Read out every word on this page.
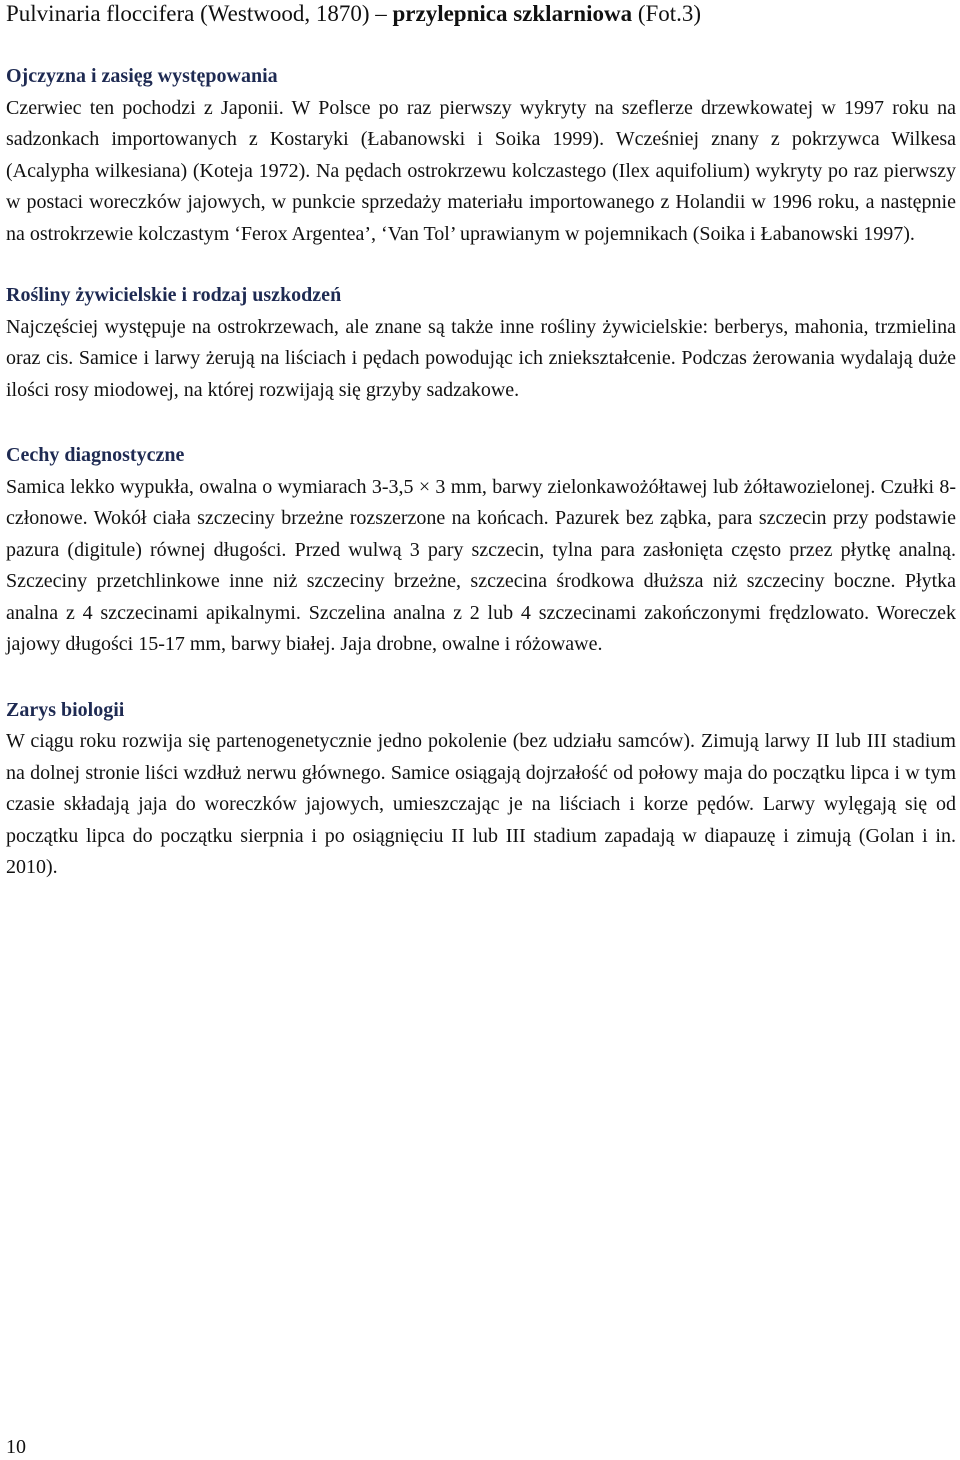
Pulvinaria floccifera (Westwood, 1870) – przylepnica szklarniowa (Fot.3)
Ojczyzna i zasięg występowania

Czerwiec ten pochodzi z Japonii. W Polsce po raz pierwszy wykryty na szeflerze drzewkowatej w 1997 roku na sadzonkach importowanych z Kostaryki (Łabanowski i Soika 1999). Wcześniej znany z pokrzywca Wilkesa (Acalypha wilkesiana) (Koteja 1972). Na pędach ostrokrzewu kolczastego (Ilex aquifolium) wykryty po raz pierwszy w postaci woreczków jajowych, w punkcie sprzedaży materiału importowanego z Holandii w 1996 roku, a następnie na ostrokrzewie kolczastym ‘Ferox Argentea’, ‘Van Tol’ uprawianym w pojemnikach (Soika i Łabanowski 1997).

Rośliny żywicielskie i rodzaj uszkodzeń

Najczęściej występuje na ostrokrzewach, ale znane są także inne rośliny żywicielskie: berberys, mahonia, trzmielina oraz cis. Samice i larwy żerują na liściach i pędach powodując ich zniekształcenie. Podczas żerowania wydalają duże ilości rosy miodowej, na której rozwijają się grzyby sadzakowe.

Cechy diagnostyczne

Samica lekko wypukła, owalna o wymiarach 3-3,5 × 3 mm, barwy zielonkawożółtawej lub żółtawozielonej. Czułki 8-członowe. Wokół ciała szczeciny brzeżne rozszerzone na końcach. Pazurek bez ząbka, para szczecin przy podstawie pazura (digitule) równej długości. Przed wulwą 3 pary szczecin, tylna para zasłonięta często przez płytkę analną. Szczeciny przetchlinkowe inne niż szczeciny brzeżne, szczecina środkowa dłuższa niż szczeciny boczne. Płytka analna z 4 szczecinami apikalnymi. Szczelina analna z 2 lub 4 szczecinami zakończonymi frędzlowato. Woreczek jajowy długości 15-17 mm, barwy białej. Jaja drobne, owalne i różowawe.

Zarys biologii

W ciągu roku rozwija się partenogenetycznie jedno pokolenie (bez udziału samców). Zimują larwy II lub III stadium na dolnej stronie liści wzdłuż nerwu głównego. Samice osiągają dojrzałość od połowy maja do początku lipca i w tym czasie składają jaja do woreczków jajowych, umieszczając je na liściach i korze pędów. Larwy wylęgają się od początku lipca do początku sierpnia i po osiągnięciu II lub III stadium zapadają w diapauzę i zimują (Golan i in. 2010).

10
